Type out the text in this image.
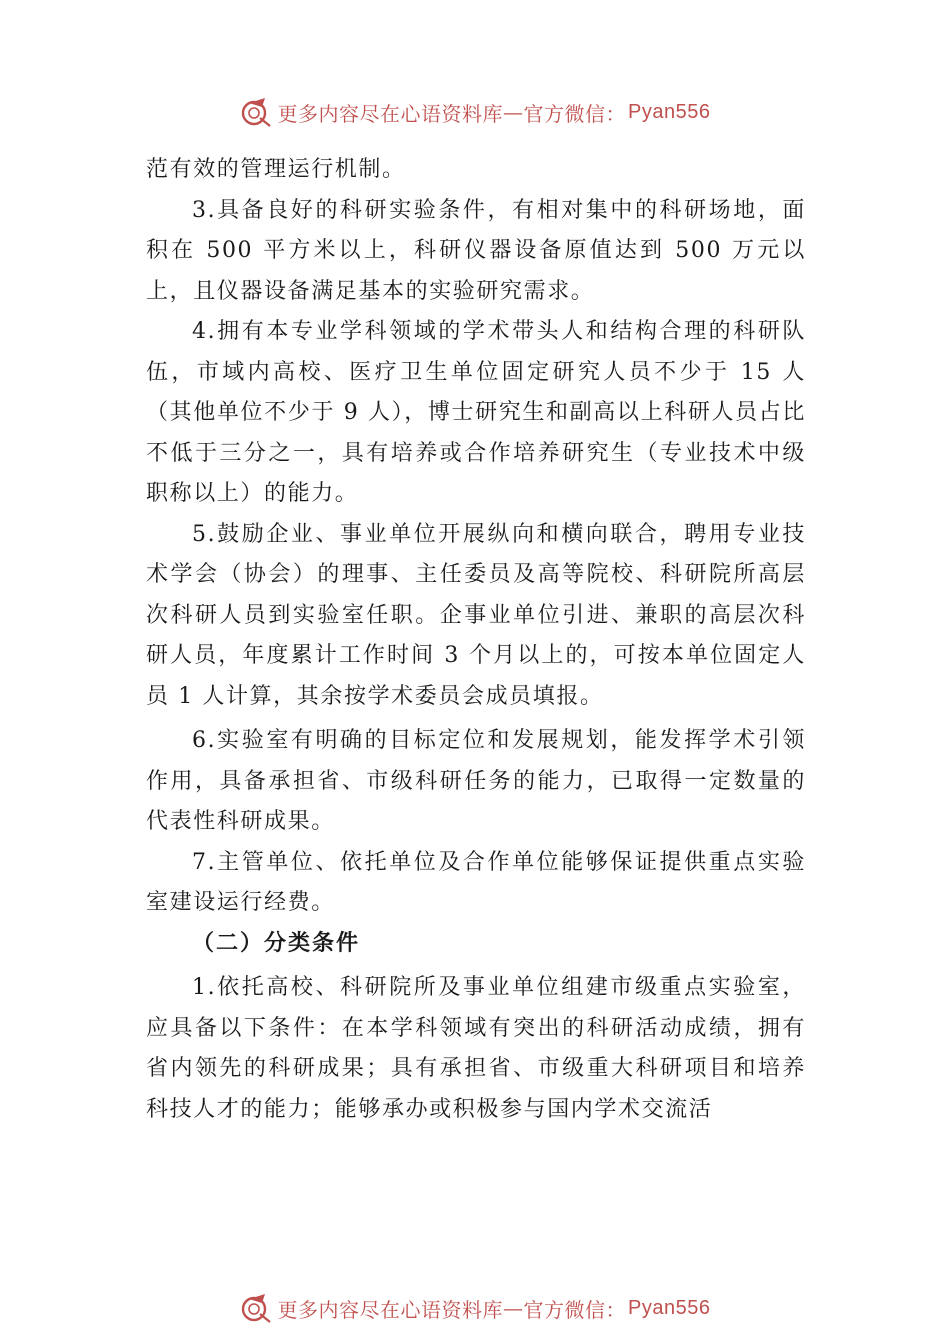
更多内容尽在心语资料库 — 官方微信： Pyan556

范有效的管理运行机制。

3.具备良好的科研实验条件，有相对集中的科研场地，面积在 500 平方米以上，科研仪器设备原值达到 500 万元以上，且仪器设备满足基本的实验研究需求。

4.拥有本专业学科领域的学术带头人和结构合理的科研队伍，市域内高校、医疗卫生单位固定研究人员不少于 15 人（其他单位不少于 9 人），博士研究生和副高以上科研人员占比不低于三分之一，具有培养或合作培养研究生（专业技术中级职称以上）的能力。

5.鼓励企业、事业单位开展纵向和横向联合，聘用专业技术学会（协会）的理事、主任委员及高等院校、科研院所高层次科研人员到实验室任职。企事业单位引进、兼职的高层次科研人员，年度累计工作时间 3 个月以上的，可按本单位固定人员 1 人计算，其余按学术委员会成员填报。

6.实验室有明确的目标定位和发展规划，能发挥学术引领作用，具备承担省、市级科研任务的能力，已取得一定数量的代表性科研成果。

7.主管单位、依托单位及合作单位能够保证提供重点实验室建设运行经费。

（二）分类条件

1.依托高校、科研院所及事业单位组建市级重点实验室，应具备以下条件：在本学科领域有突出的科研活动成绩，拥有省内领先的科研成果；具有承担省、市级重大科研项目和培养科技人才的能力；能够承办或积极参与国内学术交流活

更多内容尽在心语资料库 — 官方微信： Pyan556
